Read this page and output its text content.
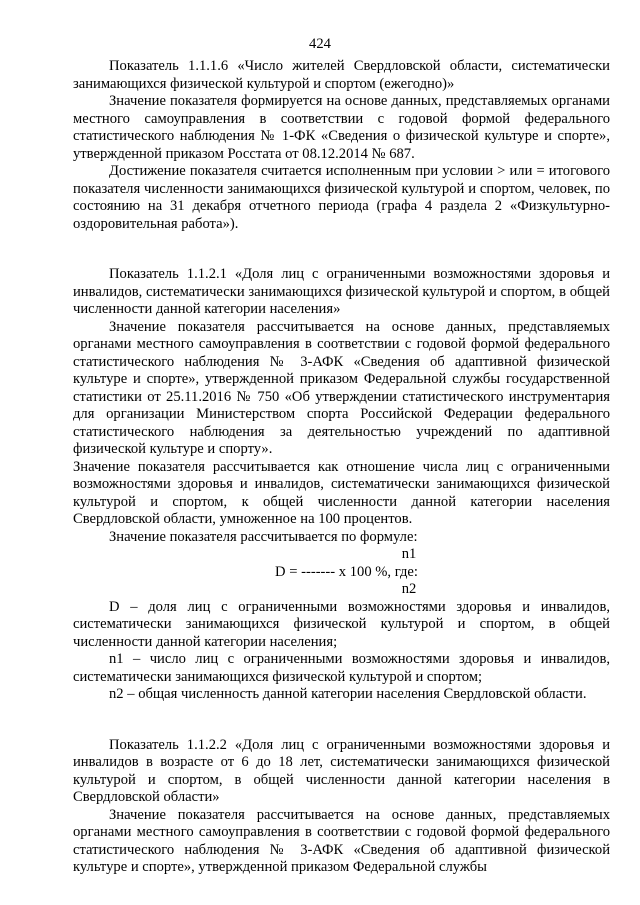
424

Показатель 1.1.1.6 «Число жителей Свердловской области, систематически занимающихся физической культурой и спортом (ежегодно)»

Значение показателя формируется на основе данных, представляемых органами местного самоуправления в соответствии с годовой формой федерального статистического наблюдения № 1-ФК «Сведения о физической культуре и спорте», утвержденной приказом Росстата от 08.12.2014 № 687.

Достижение показателя считается исполненным при условии > или = итогового показателя численности занимающихся физической культурой и спортом, человек, по состоянию на 31 декабря отчетного периода (графа 4 раздела 2 «Физкультурно-оздоровительная работа»).

Показатель 1.1.2.1 «Доля лиц с ограниченными возможностями здоровья и инвалидов, систематически занимающихся физической культурой и спортом, в общей численности данной категории населения»

Значение показателя рассчитывается на основе данных, представляемых органами местного самоуправления в соответствии с годовой формой федерального статистического наблюдения № 3-АФК «Сведения об адаптивной физической культуре и спорте», утвержденной приказом Федеральной службы государственной статистики от 25.11.2016 № 750 «Об утверждении статистического инструментария для организации Министерством спорта Российской Федерации федерального статистического наблюдения за деятельностью учреждений по адаптивной физической культуре и спорту».

Значение показателя рассчитывается как отношение числа лиц с ограниченными возможностями здоровья и инвалидов, систематически занимающихся физической культурой и спортом, к общей численности данной категории населения Свердловской области, умноженное на 100 процентов.

Значение показателя рассчитывается по формуле:

n1
D = ------- х 100 %, где:
n2

D – доля лиц с ограниченными возможностями здоровья и инвалидов, систематически занимающихся физической культурой и спортом, в общей численности данной категории населения;

n1 – число лиц с ограниченными возможностями здоровья и инвалидов, систематически занимающихся физической культурой и спортом;

n2 – общая численность данной категории населения Свердловской области.

Показатель 1.1.2.2 «Доля лиц с ограниченными возможностями здоровья и инвалидов в возрасте от 6 до 18 лет, систематически занимающихся физической культурой и спортом, в общей численности данной категории населения в Свердловской области»

Значение показателя рассчитывается на основе данных, представляемых органами местного самоуправления в соответствии с годовой формой федерального статистического наблюдения № 3-АФК «Сведения об адаптивной физической культуре и спорте», утвержденной приказом Федеральной службы
